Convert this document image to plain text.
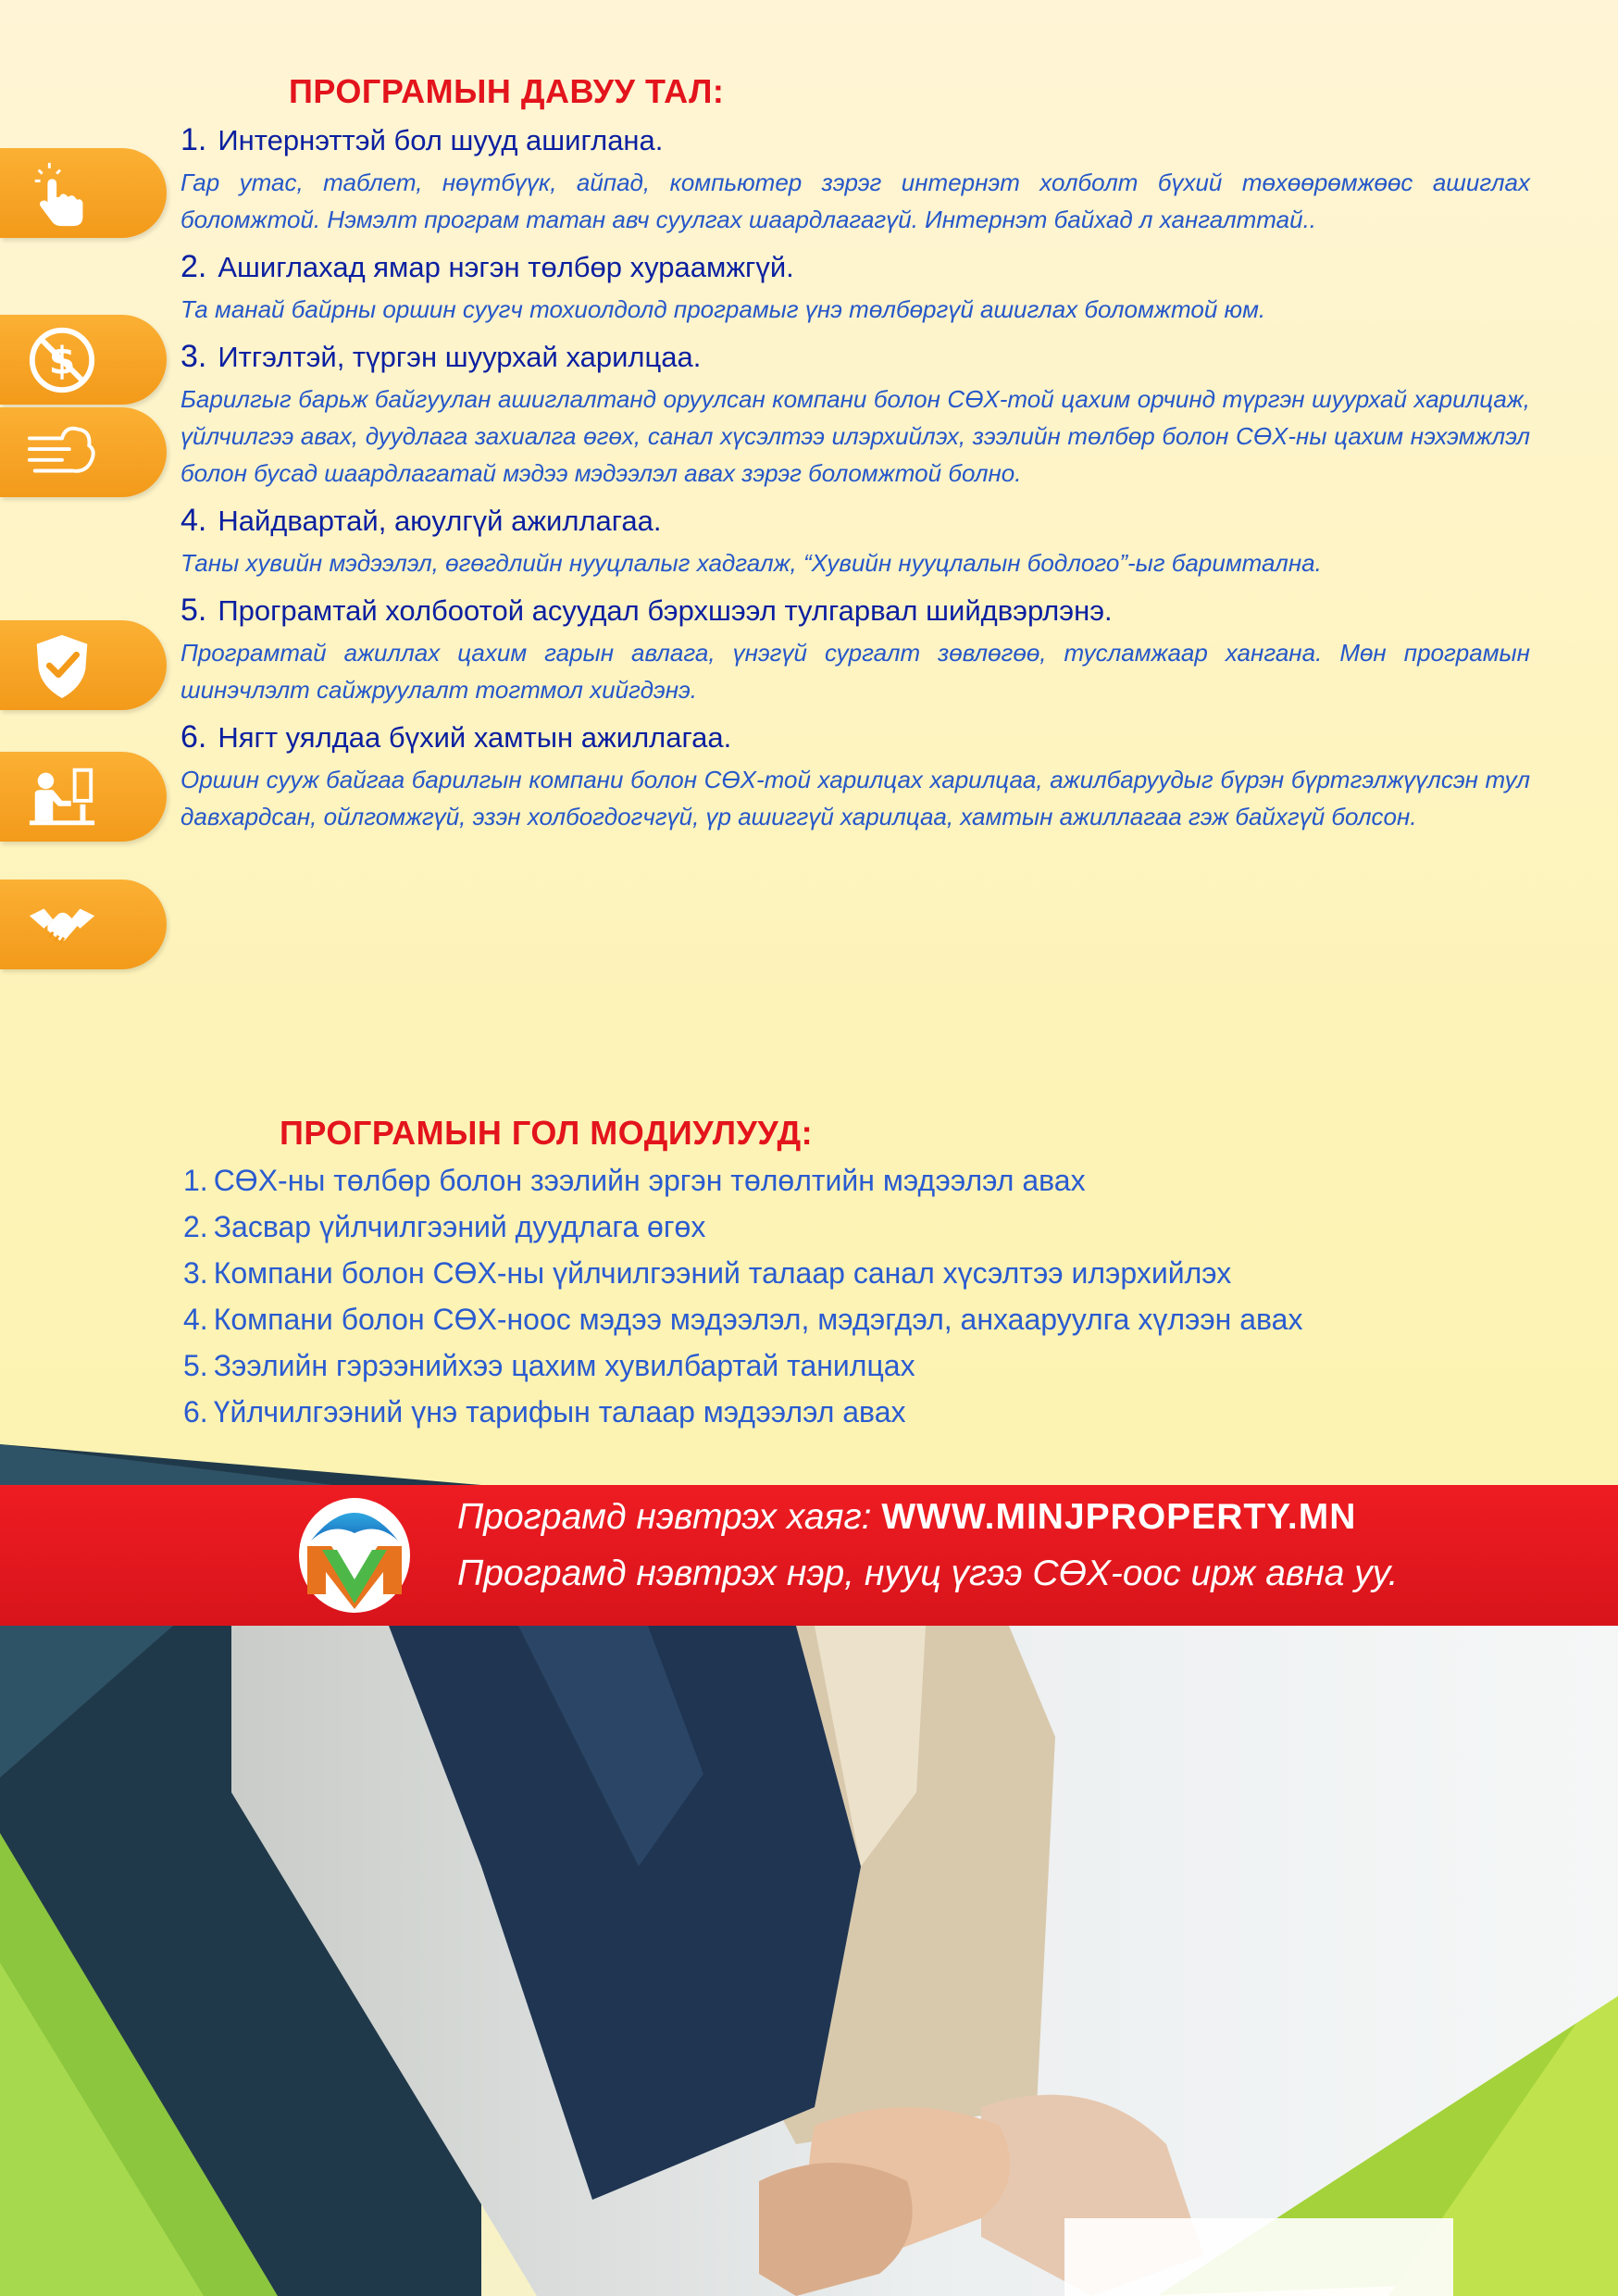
ПРОГРАМЫН ДАВУУ ТАЛ:
$

1. Интернэттэй бол шууд ашиглана.

Гар утас, таблет, нөүтбүүк, айпад, компьютер зэрэг интернэт холболт бүхий төхөөрөмжөөс ашиглах боломжтой. Нэмэлт програм татан авч суулгах шаардлагагүй. Интернэт байхад л хангалттай..

2. Ашиглахад ямар нэгэн төлбөр хураамжгүй.

Та манай байрны оршин суугч тохиолдолд програмыг үнэ төлбөргүй ашиглах боломжтой юм.

3. Итгэлтэй, түргэн шуурхай харилцаа.

Барилгыг барьж байгуулан ашиглалтанд оруулсан компани болон СӨХ-той цахим орчинд түргэн шуурхай харилцаж, үйлчилгээ авах, дуудлага захиалга өгөх, санал хүсэлтээ илэрхийлэх, зээлийн төлбөр болон СӨХ-ны цахим нэхэмжлэл болон бусад шаардлагатай мэдээ мэдээлэл авах зэрэг боломжтой болно.

4. Найдвартай, аюулгүй ажиллагаа.

Таны хувийн мэдээлэл, өгөгдлийн нууцлалыг хадгалж, “Хувийн нууцлалын бодлого”-ыг баримтална.

5. Програмтай холбоотой асуудал бэрхшээл тулгарвал шийдвэрлэнэ.

Програмтай ажиллах цахим гарын авлага, үнэгүй сургалт зөвлөгөө, тусламжаар хангана. Мөн програмын шинэчлэлт сайжруулалт тогтмол хийгдэнэ.

6. Нягт уялдаа бүхий хамтын ажиллагаа.

Оршин сууж байгаа барилгын компани болон СӨХ-той харилцах харилцаа, ажилбаруудыг бүрэн бүртгэлжүүлсэн тул давхардсан, ойлгомжгүй, эзэн холбогдогчгүй, үр ашиггүй харилцаа, хамтын ажиллагаа гэж байхгүй болсон.

ПРОГРАМЫН ГОЛ МОДИУЛУУД:
1. СӨХ-ны төлбөр болон зээлийн эргэн төлөлтийн мэдээлэл авах
2. Засвар үйлчилгээний дуудлага өгөх
3. Компани болон СӨХ-ны үйлчилгээний талаар санал хүсэлтээ илэрхийлэх
4. Компани болон СӨХ-ноос мэдээ мэдээлэл, мэдэгдэл, анхааруулга хүлээн авах
5. Зээлийн гэрээнийхээ цахим хувилбартай танилцах
6. Үйлчилгээний үнэ тарифын талаар мэдээлэл авах
Програмд нэвтрэх хаяг: WWW.MINJPROPERTY.MN
Програмд нэвтрэх нэр, нууц үгээ СӨХ-оос ирж авна уу.
